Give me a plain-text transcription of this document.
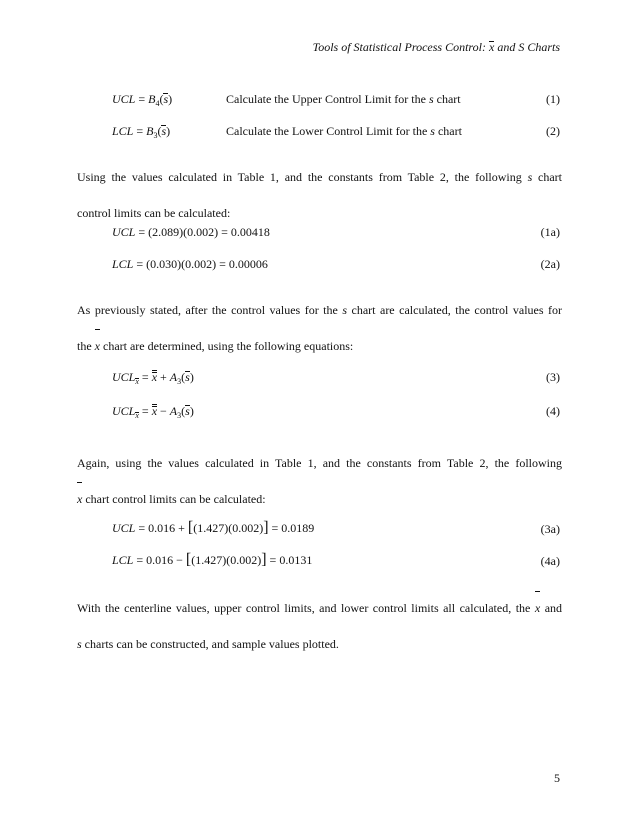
Tools of Statistical Process Control: x and S Charts
UCL = $B_4(s)$	Calculate the Upper Control Limit for the s chart	(1)
LCL = $B_3(s)$	Calculate the Lower Control Limit for the s chart	(2)
Using the values calculated in Table 1, and the constants from Table 2, the following s chart
control limits can be calculated:
UCL = (2.089)(0.002) = 0.00418	(1a)
LCL = (0.030)(0.002) = 0.00006	(2a)
As previously stated, after the control values for the s chart are calculated, the control values for
the x chart are determined, using the following equations:
$UCL_x = x + A_3(s)$	(3)
$UCL_x = x - A_3(s)$	(4)
Again, using the values calculated in Table 1, and the constants from Table 2, the following
x chart control limits can be calculated:
UCL = 0.016 + [(1.427)(0.002)] = 0.0189	(3a)
LCL = 0.016 − [(1.427)(0.002)] = 0.0131	(4a)
With the centerline values, upper control limits, and lower control limits all calculated, the x and
s charts can be constructed, and sample values plotted.
5
